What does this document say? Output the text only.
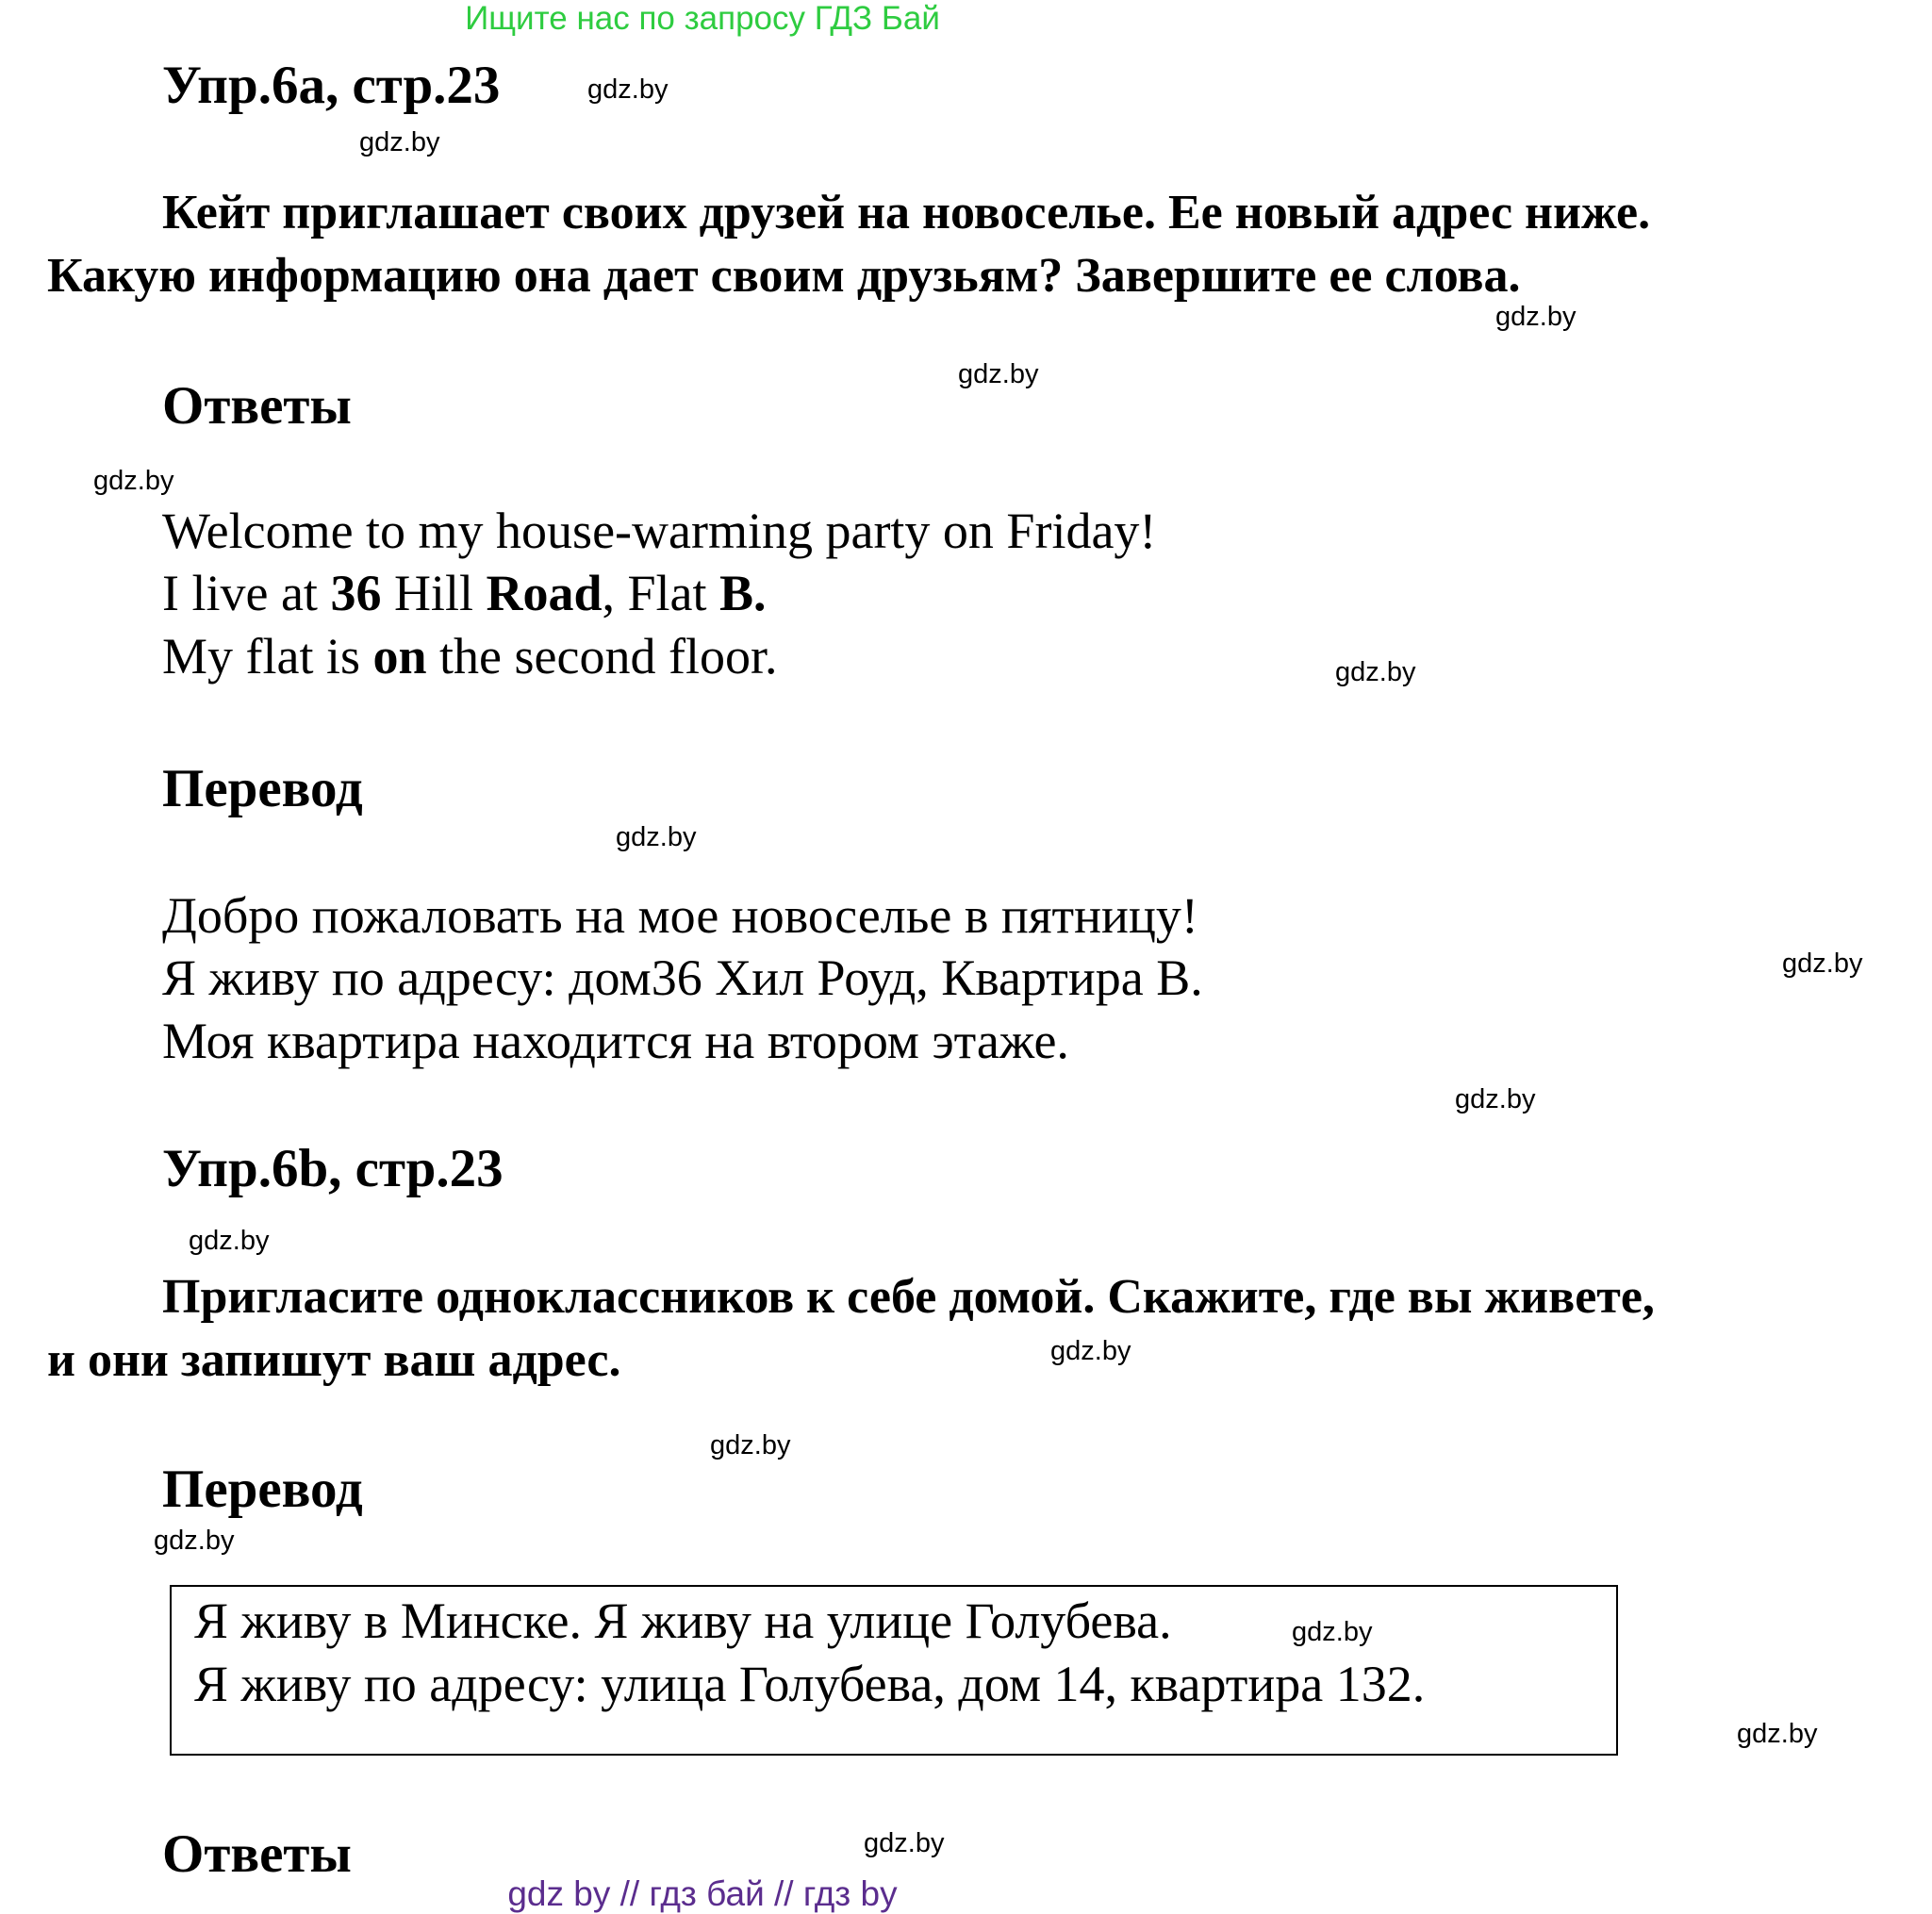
Ищите нас по запросу ГДЗ Бай
Упр.6а, стр.23
Кейт приглашает своих друзей на новоселье. Ее новый адрес ниже.
Какую информацию она дает своим друзьям? Завершите ее слова.
Ответы
Welcome to my house-warming party on Friday!
I live at 36 Hill Road, Flat B.
My flat is on the second floor.
Перевод
Добро пожаловать на мое новоселье в пятницу!
Я живу по адресу: дом36 Хил Роуд, Квартира B.
Моя квартира находится на втором этаже.
Упр.6b, стр.23
Пригласите одноклассников к себе домой. Скажите, где вы живете,
и они запишут ваш адрес.
Перевод
Я живу в Минске. Я живу на улице Голубева.
Я живу по адресу: улица Голубева, дом 14, квартира 132.
Ответы
gdz.by
gdz.by
gdz.by
gdz.by
gdz.by
gdz.by
gdz.by
gdz.by
gdz.by
gdz.by
gdz.by
gdz.by
gdz.by
gdz.by
gdz.by
gdz.by
gdz by // гдз бай // гдз by
